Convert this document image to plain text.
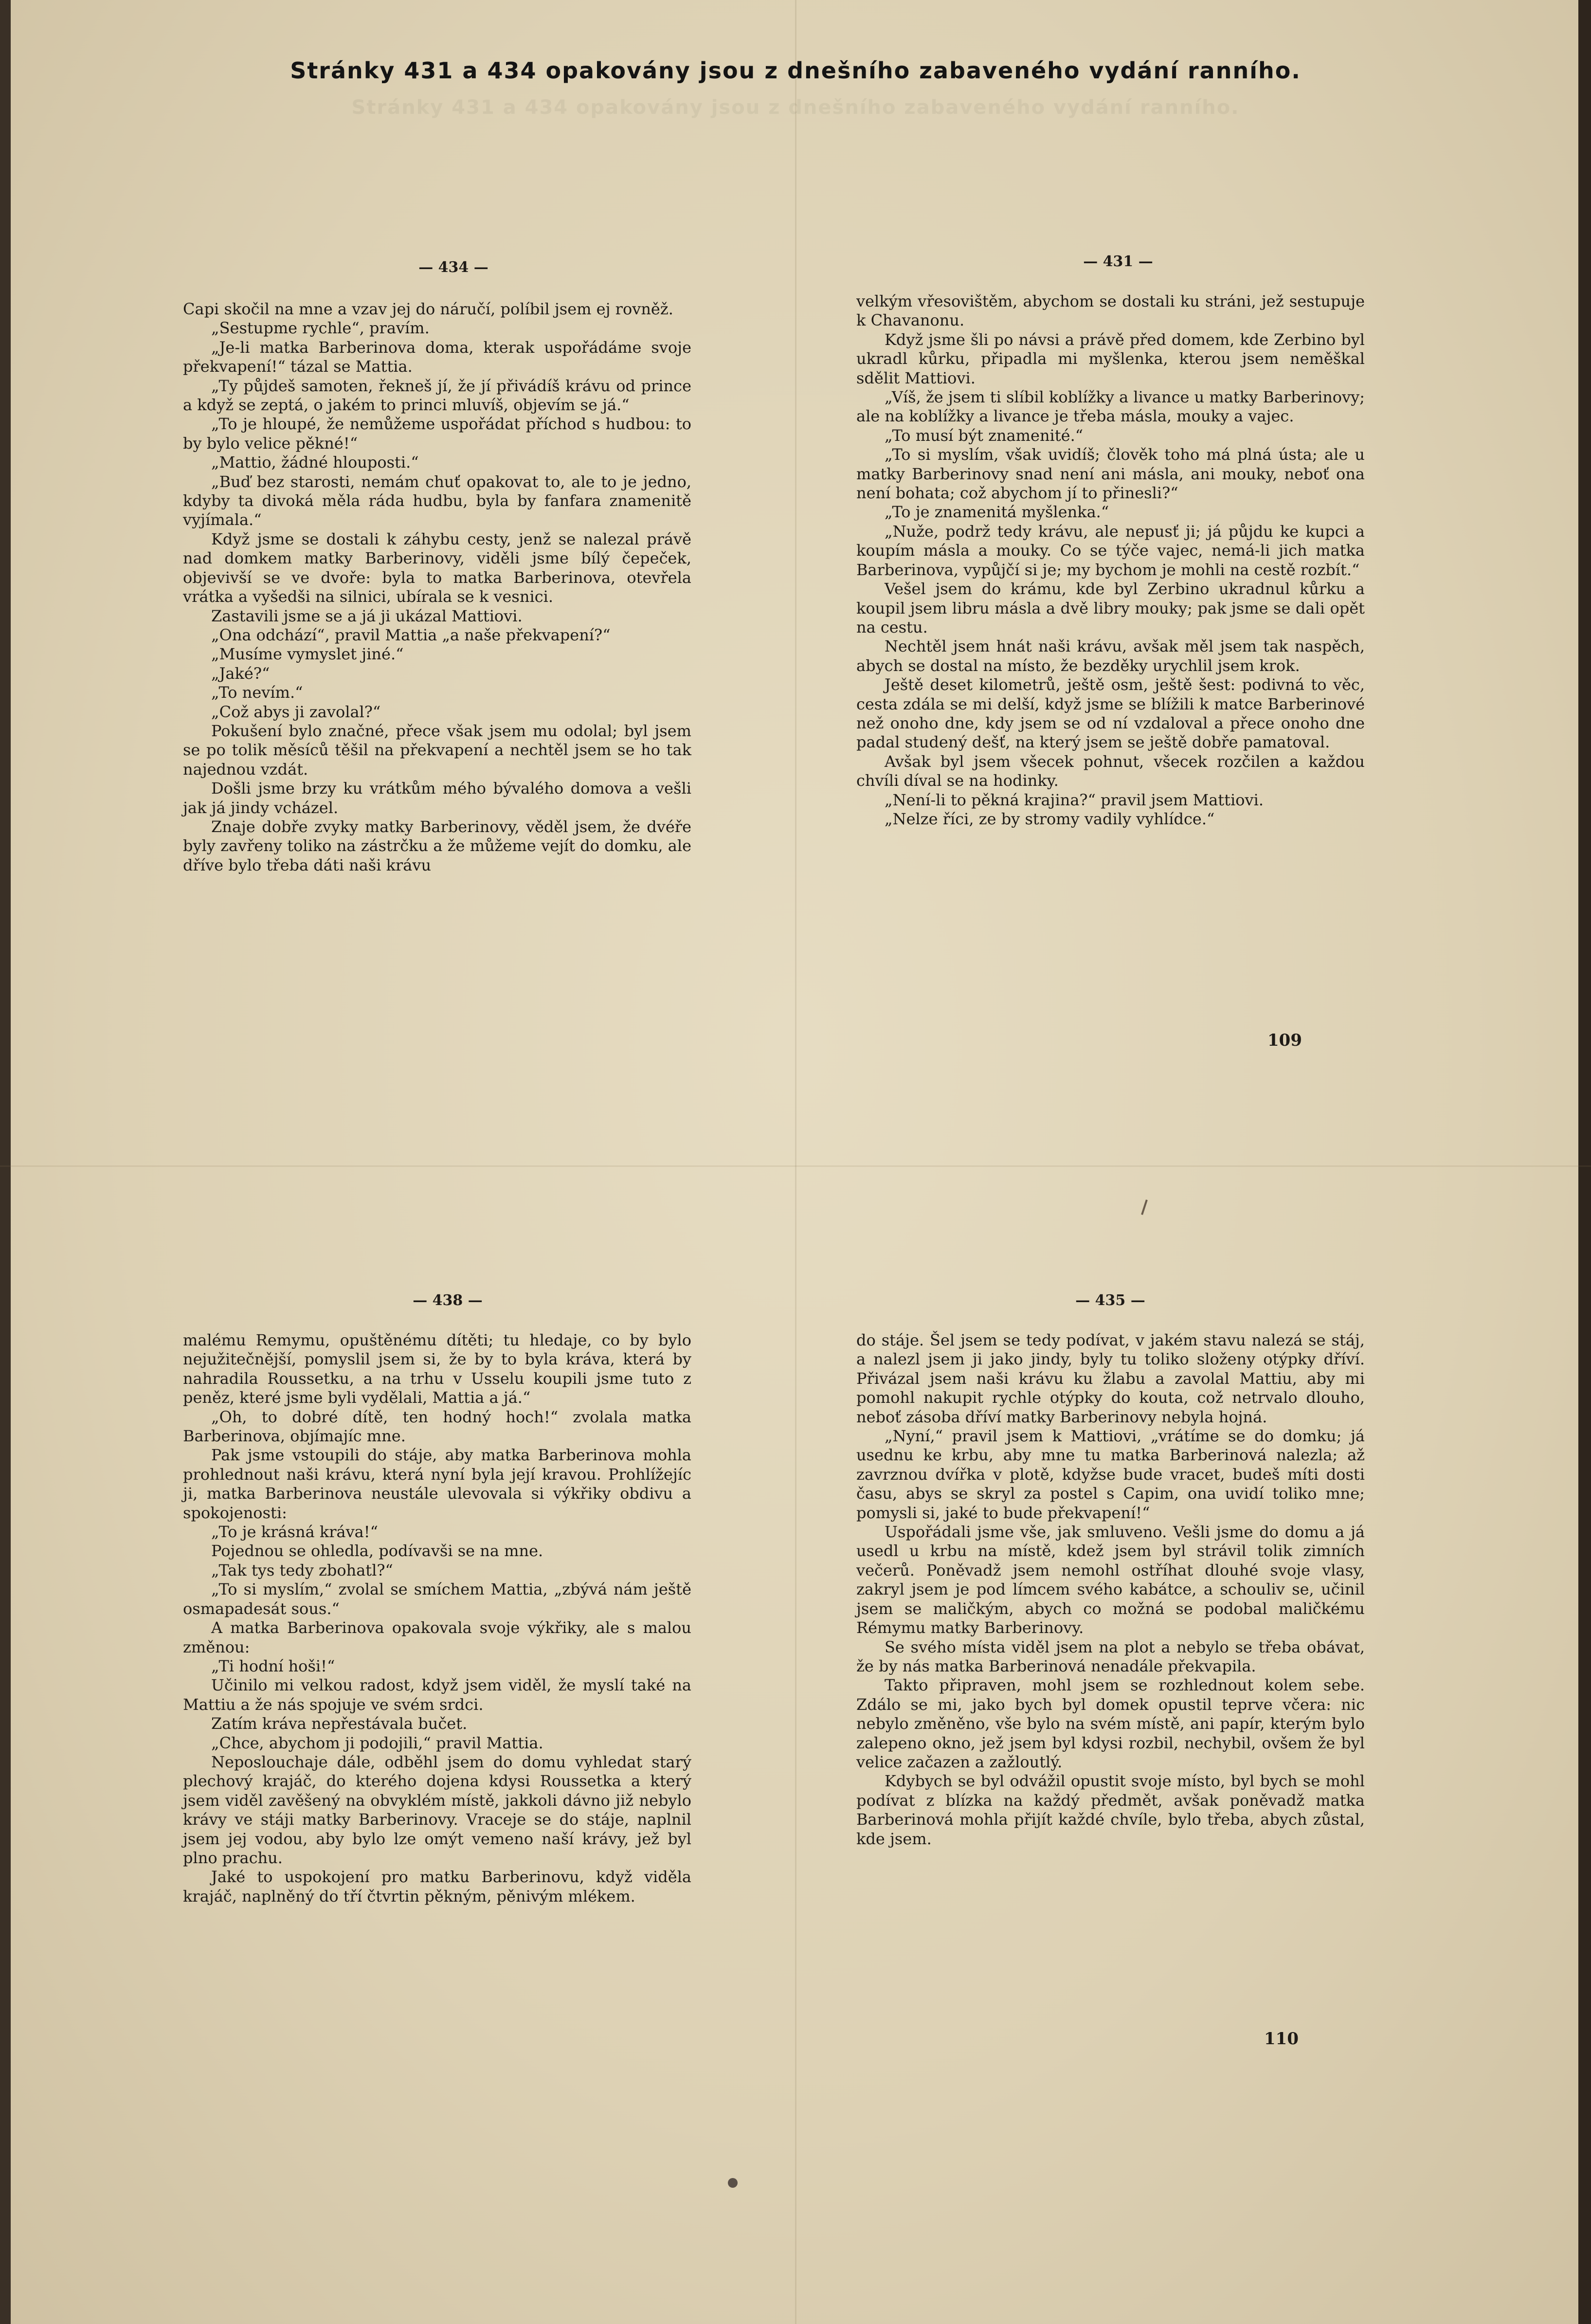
Stránky 431 a 434 opakovány jsou z dnešního zabaveného vydání ranního.
Stránky 431 a 434 opakovány jsou z dnešního zabaveného vydání ranního.
— 434 —

Capi skočil na mne a vzav jej do náručí, políbil jsem ej rovněž.

„Sestupme rychle“, pravím.

„Je-li matka Barberinova doma, kterak uspořádáme svoje překvapení!“ tázal se Mattia.

„Ty půjdeš samoten, řekneš jí, že jí přivádíš krávu od prince a když se zeptá, o jakém to princi mluvíš, objevím se já.“

„To je hloupé, že nemůžeme uspořádat příchod s hudbou: to by bylo velice pěkné!“

„Mattio, žádné hlouposti.“

„Buď bez starosti, nemám chuť opakovat to, ale to je jedno, kdyby ta divoká měla ráda hudbu, byla by fanfara znamenitě vyjímala.“

Když jsme se dostali k záhybu cesty, jenž se nalezal právě nad domkem matky Barberinovy, viděli jsme bílý čepeček, objevivší se ve dvoře: byla to matka Barberinova, otevřela vrátka a vyšedši na silnici, ubírala se k vesnici.

Zastavili jsme se a já ji ukázal Mattiovi.

„Ona odchází“, pravil Mattia „a naše překvapení?“

„Musíme vymyslet jiné.“

„Jaké?“

„To nevím.“

„Což abys ji zavolal?“

Pokušení bylo značné, přece však jsem mu odolal; byl jsem se po tolik měsíců těšil na překvapení a nechtěl jsem se ho tak najednou vzdát.

Došli jsme brzy ku vrátkům mého bývalého domova a vešli jak já jindy vcházel.

Znaje dobře zvyky matky Barberinovy, věděl jsem, že dvéře byly zavřeny toliko na zástrčku a že můžeme vejít do domku, ale dříve bylo třeba dáti naši krávu

— 431 —

velkým vřesovištěm, abychom se dostali ku stráni, jež sestupuje k Chavanonu.

Když jsme šli po návsi a právě před domem, kde Zerbino byl ukradl kůrku, připadla mi myšlenka, kterou jsem neměškal sdělit Mattiovi.

„Víš, že jsem ti slíbil koblížky a livance u matky Barberinovy; ale na koblížky a livance je třeba másla, mouky a vajec.

„To musí být znamenité.“

„To si myslím, však uvidíš; člověk toho má plná ústa; ale u matky Barberinovy snad není ani másla, ani mouky, neboť ona není bohata; což abychom jí to přinesli?“

„To je znamenitá myšlenka.“

„Nuže, podrž tedy krávu, ale nepusť ji; já půjdu ke kupci a koupím másla a mouky. Co se týče vajec, nemá-li jich matka Barberinova, vypůjčí si je; my bychom je mohli na cestě rozbít.“

Vešel jsem do krámu, kde byl Zerbino ukradnul kůrku a koupil jsem libru másla a dvě libry mouky; pak jsme se dali opět na cestu.

Nechtěl jsem hnát naši krávu, avšak měl jsem tak naspěch, abych se dostal na místo, že bezděky urychlil jsem krok.

Ještě deset kilometrů, ještě osm, ještě šest: podivná to věc, cesta zdála se mi delší, když jsme se blížili k matce Barberinové než onoho dne, kdy jsem se od ní vzdaloval a přece onoho dne padal studený dešť, na který jsem se ještě dobře pamatoval.

Avšak byl jsem všecek pohnut, všecek rozčilen a každou chvíli díval se na hodinky.

„Není-li to pěkná krajina?“ pravil jsem Mattiovi.

„Nelze říci, ze by stromy vadily vyhlídce.“

109
— 438 —

malému Remymu, opuštěnému dítěti; tu hledaje, co by bylo nejužitečnější, pomyslil jsem si, že by to byla kráva, která by nahradila Roussetku, a na trhu v Usselu koupili jsme tuto z peněz, které jsme byli vydělali, Mattia a já.“

„Oh, to dobré dítě, ten hodný hoch!“ zvolala matka Barberinova, objímajíc mne.

Pak jsme vstoupili do stáje, aby matka Barberinova mohla prohlednout naši krávu, která nyní byla její kravou. Prohlížejíc ji, matka Barberinova neustále ulevovala si výkřiky obdivu a spokojenosti:

„To je krásná kráva!“

Pojednou se ohledla, podívavši se na mne.

„Tak tys tedy zbohatl?“

„To si myslím,“ zvolal se smíchem Mattia, „zbývá nám ještě osmapadesát sous.“

A matka Barberinova opakovala svoje výkřiky, ale s malou změnou:

„Ti hodní hoši!“

Učinilo mi velkou radost, když jsem viděl, že myslí také na Mattiu a že nás spojuje ve svém srdci.

Zatím kráva nepřestávala bučet.

„Chce, abychom ji podojili,“ pravil Mattia.

Neposlouchaje dále, odběhl jsem do domu vyhledat starý plechový krajáč, do kterého dojena kdysi Roussetka a který jsem viděl zavěšený na obvyklém místě, jakkoli dávno již nebylo krávy ve stáji matky Barberinovy. Vraceje se do stáje, naplnil jsem jej vodou, aby bylo lze omýt vemeno naší krávy, jež byl plno prachu.

Jaké to uspokojení pro matku Barberinovu, když viděla krajáč, naplněný do tří čtvrtin pěkným, pěnivým mlékem.

— 435 —

do stáje. Šel jsem se tedy podívat, v jakém stavu nalezá se stáj, a nalezl jsem ji jako jindy, byly tu toliko složeny otýpky dříví. Přivázal jsem naši krávu ku žlabu a zavolal Mattiu, aby mi pomohl nakupit rychle otýpky do kouta, což netrvalo dlouho, neboť zásoba dříví matky Barberinovy nebyla hojná.

„Nyní,“ pravil jsem k Mattiovi, „vrátíme se do domku; já usednu ke krbu, aby mne tu matka Barberinová nalezla; až zavrznou dvířka v plotě, kdyžse bude vracet, budeš míti dosti času, abys se skryl za postel s Capim, ona uvidí toliko mne; pomysli si, jaké to bude překvapení!“

Uspořádali jsme vše, jak smluveno. Vešli jsme do domu a já usedl u krbu na místě, kdež jsem byl strávil tolik zimních večerů. Poněvadž jsem nemohl ostříhat dlouhé svoje vlasy, zakryl jsem je pod límcem svého kabátce, a schouliv se, učinil jsem se maličkým, abych co možná se podobal maličkému Rémymu matky Barberinovy.

Se svého místa viděl jsem na plot a nebylo se třeba obávat, že by nás matka Barberinová nenadále překvapila.

Takto připraven, mohl jsem se rozhlednout kolem sebe. Zdálo se mi, jako bych byl domek opustil teprve včera: nic nebylo změněno, vše bylo na svém místě, ani papír, kterým bylo zalepeno okno, jež jsem byl kdysi rozbil, nechybil, ovšem že byl velice začazen a zažloutlý.

Kdybych se byl odvážil opustit svoje místo, byl bych se mohl podívat z blízka na každý předmět, avšak poněvadž matka Barberinová mohla přijít každé chvíle, bylo třeba, abych zůstal, kde jsem.

110
